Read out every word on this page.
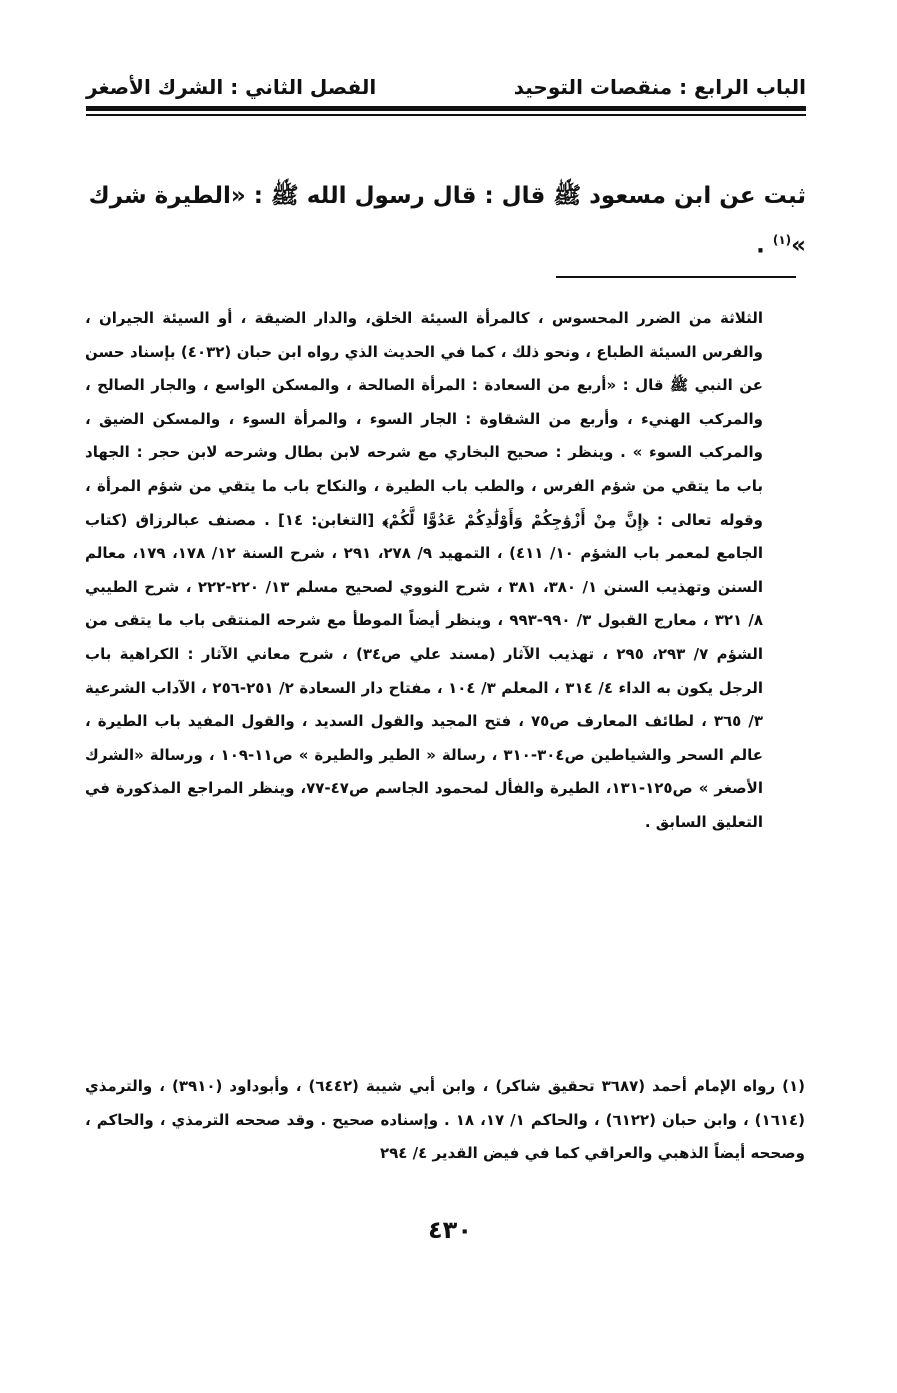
الباب الرابع : منقصات التوحيد
الفصل الثاني : الشرك الأصغر
ثبت عن ابن مسعود ﷺ قال : قال رسول الله ﷺ : «الطيرة شرك »$^{(١)}$ .

الثلاثة من الضرر المحسوس ، كالمرأة السيئة الخلق، والدار الضيقة ، أو السيئة الجيران ، والفرس السيئة الطباع ، ونحو ذلك ، كما في الحديث الذي رواه ابن حبان (٤٠٣٢) بإسناد حسن عن النبي ﷺ قال : «أربع من السعادة : المرأة الصالحة ، والمسكن الواسع ، والجار الصالح ، والمركب الهنيء ، وأربع من الشقاوة : الجار السوء ، والمرأة السوء ، والمسكن الضيق ، والمركب السوء » . وينظر : صحيح البخاري مع شرحه لابن بطال وشرحه لابن حجر : الجهاد باب ما يتقي من شؤم الفرس ، والطب باب الطيرة ، والنكاح باب ما يتقي من شؤم المرأة ، وقوله تعالى : ﴿إِنَّ مِنْ أَزْوَٰجِكُمْ وَأَوْلَٰدِكُمْ عَدُوًّا لَّكُمْ﴾ [التغابن: ١٤] . مصنف عبالرزاق (كتاب الجامع لمعمر باب الشؤم ١٠/ ٤١١) ، التمهيد ٩/ ٢٧٨، ٢٩١ ، شرح السنة ١٢/ ١٧٨، ١٧٩، معالم السنن وتهذيب السنن ١/ ٣٨٠، ٣٨١ ، شرح النووي لصحيح مسلم ١٣/ ٢٢٠-٢٢٢ ، شرح الطيبي ٨/ ٣٢١ ، معارج القبول ٣/ ٩٩٠-٩٩٣ ، وينظر أيضاً الموطأ مع شرحه المنتقى باب ما يتقى من الشؤم ٧/ ٢٩٣، ٢٩٥ ، تهذيب الآثار (مسند علي ص٣٤) ، شرح معاني الآثار : الكراهية باب الرجل يكون به الداء ٤/ ٣١٤ ، المعلم ٣/ ١٠٤ ، مفتاح دار السعادة ٢/ ٢٥١-٢٥٦ ، الآداب الشرعية ٣/ ٣٦٥ ، لطائف المعارف ص٧٥ ، فتح المجيد والقول السديد ، والقول المفيد باب الطيرة ، عالم السحر والشياطين ص٣٠٤-٣١٠ ، رسالة « الطير والطيرة » ص١١-١٠٩ ، ورسالة «الشرك الأصغر » ص١٢٥-١٣١، الطيرة والفأل لمحمود الجاسم ص٤٧-٧٧، وينظر المراجع المذكورة في التعليق السابق .

(١) رواه الإمام أحمد (٣٦٨٧ تحقيق شاكر) ، وابن أبي شيبة (٦٤٤٢) ، وأبوداود (٣٩١٠) ، والترمذي (١٦١٤) ، وابن حبان (٦١٢٢) ، والحاكم ١/ ١٧، ١٨ . وإسناده صحيح . وقد صححه الترمذي ، والحاكم ، وصححه أيضاً الذهبي والعراقي كما في فيض القدير ٤/ ٢٩٤

٤٣٠
